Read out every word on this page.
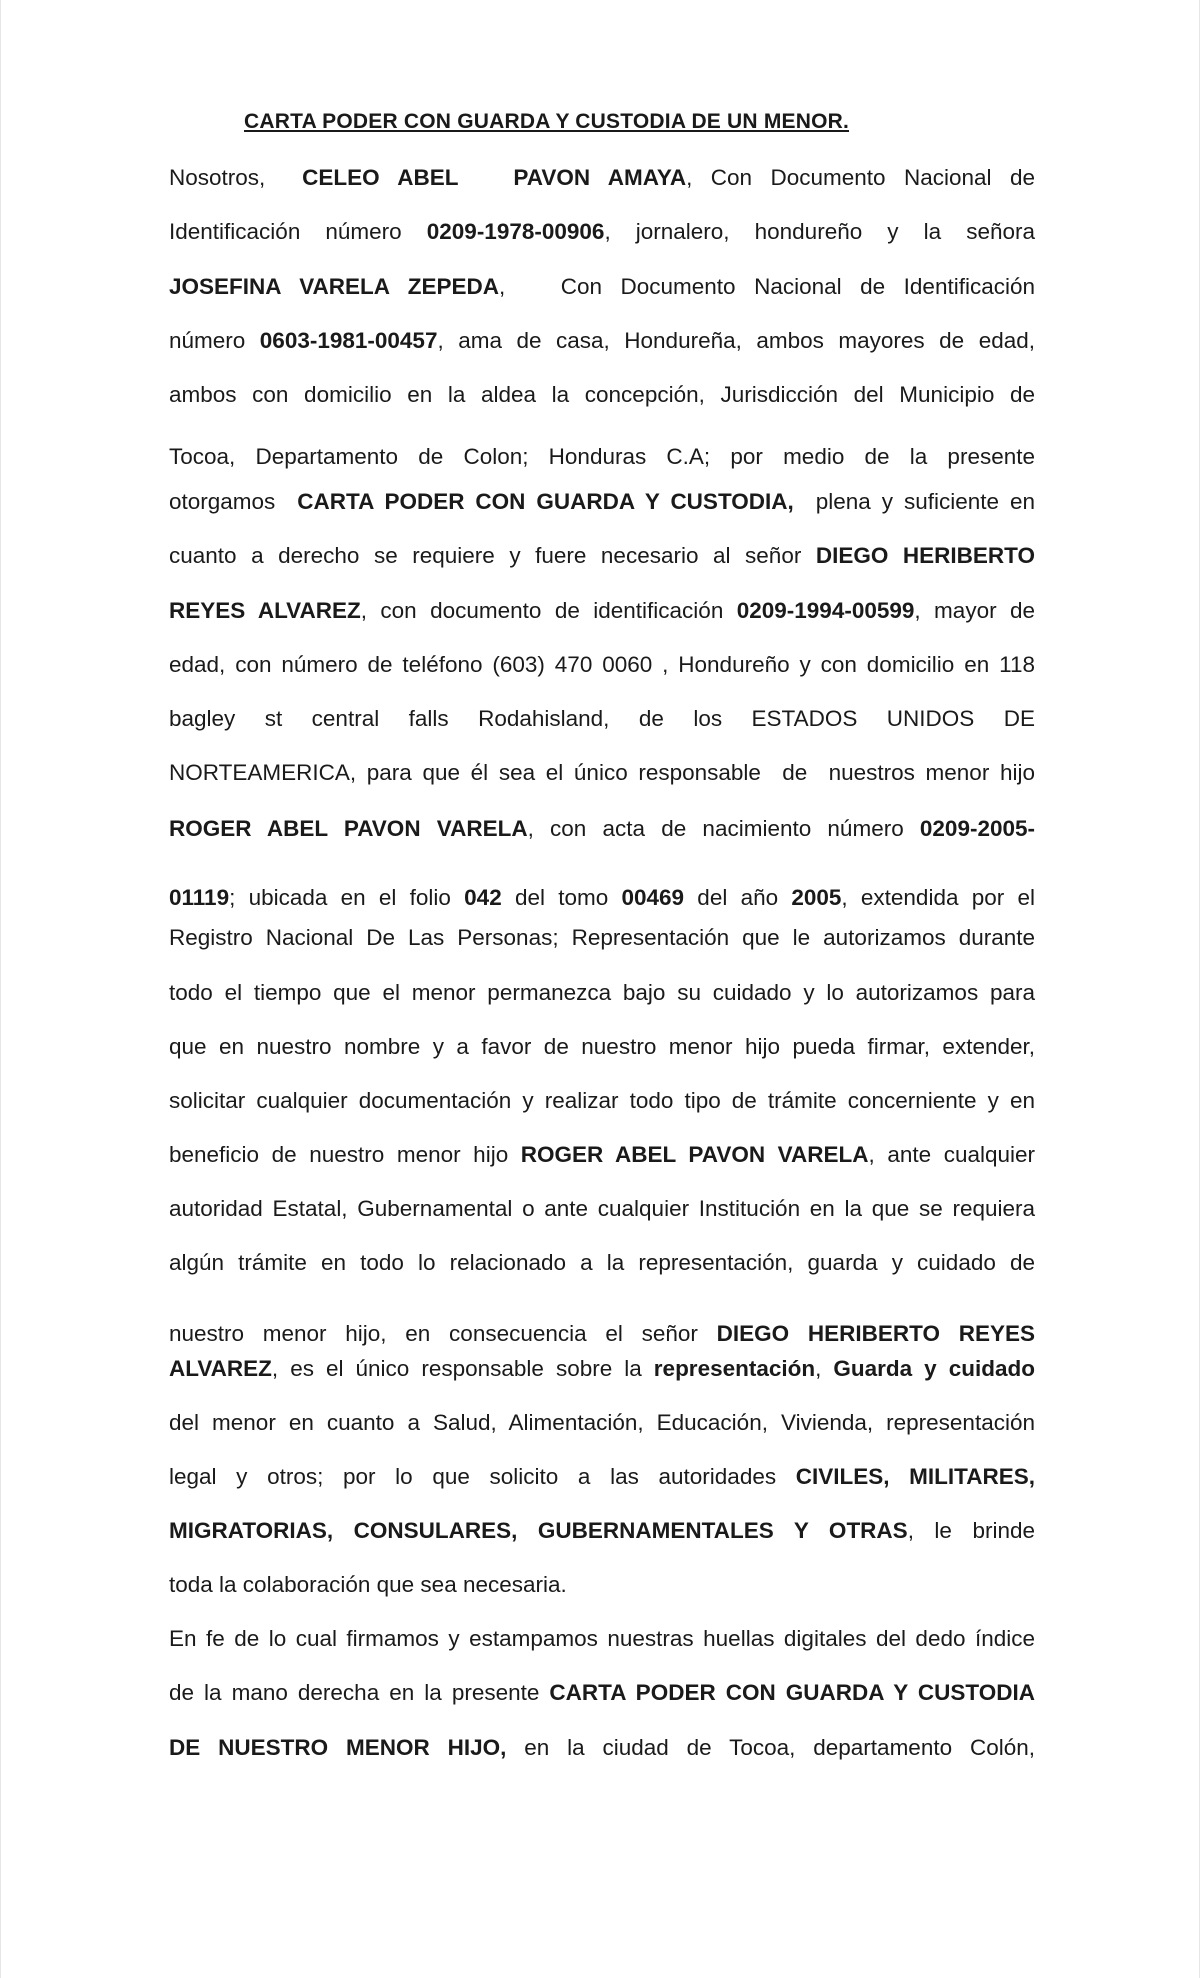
CARTA PODER CON GUARDA Y CUSTODIA DE UN MENOR.
Nosotros,  CELEO ABEL   PAVON AMAYA, Con Documento Nacional de
Identificación  número  0209-1978-00906,  jornalero,  hondureño  y  la  señora
JOSEFINA VARELA ZEPEDA,   Con Documento Nacional de Identificación
número 0603-1981-00457, ama de casa, Hondureña, ambos mayores de edad,
ambos con domicilio en la aldea la concepción, Jurisdicción del Municipio de
Tocoa, Departamento de Colon; Honduras C.A; por medio de la presente
otorgamos  CARTA PODER CON GUARDA Y CUSTODIA,  plena y suficiente en
cuanto a derecho se requiere y fuere necesario al señor DIEGO HERIBERTO
REYES ALVAREZ, con documento de identificación 0209-1994-00599, mayor de
edad, con número de teléfono (603) 470 0060 , Hondureño y con domicilio en 118
bagley  st  central  falls  Rodahisland,  de  los  ESTADOS  UNIDOS  DE
NORTEAMERICA, para que él sea el único responsable  de  nuestros menor hijo
ROGER ABEL PAVON VARELA, con acta de nacimiento número 0209-2005-
01119; ubicada en el folio 042 del tomo 00469 del año 2005, extendida por el
Registro Nacional De Las Personas; Representación que le autorizamos durante
todo el tiempo que el menor permanezca bajo su cuidado y lo autorizamos para
que en nuestro nombre y a favor de nuestro menor hijo pueda firmar, extender,
solicitar cualquier documentación y realizar todo tipo de trámite concerniente y en
beneficio de nuestro menor hijo ROGER ABEL PAVON VARELA, ante cualquier
autoridad Estatal, Gubernamental o ante cualquier Institución en la que se requiera
algún trámite en todo lo relacionado a la representación, guarda y cuidado de
nuestro  menor  hijo,  en  consecuencia  el  señor  DIEGO  HERIBERTO  REYES
ALVAREZ, es el único responsable sobre la representación, Guarda y cuidado
del menor en cuanto a Salud, Alimentación, Educación, Vivienda, representación
legal  y  otros;  por  lo  que  solicito  a  las  autoridades  CIVILES,  MILITARES,
MIGRATORIAS,  CONSULARES,  GUBERNAMENTALES  Y  OTRAS,  le  brinde
toda la colaboración que sea necesaria.
En fe de lo cual firmamos y estampamos nuestras huellas digitales del dedo índice
de la mano derecha en la presente CARTA PODER CON GUARDA Y CUSTODIA
DE  NUESTRO  MENOR  HIJO,  en  la  ciudad  de  Tocoa,  departamento  Colón,
